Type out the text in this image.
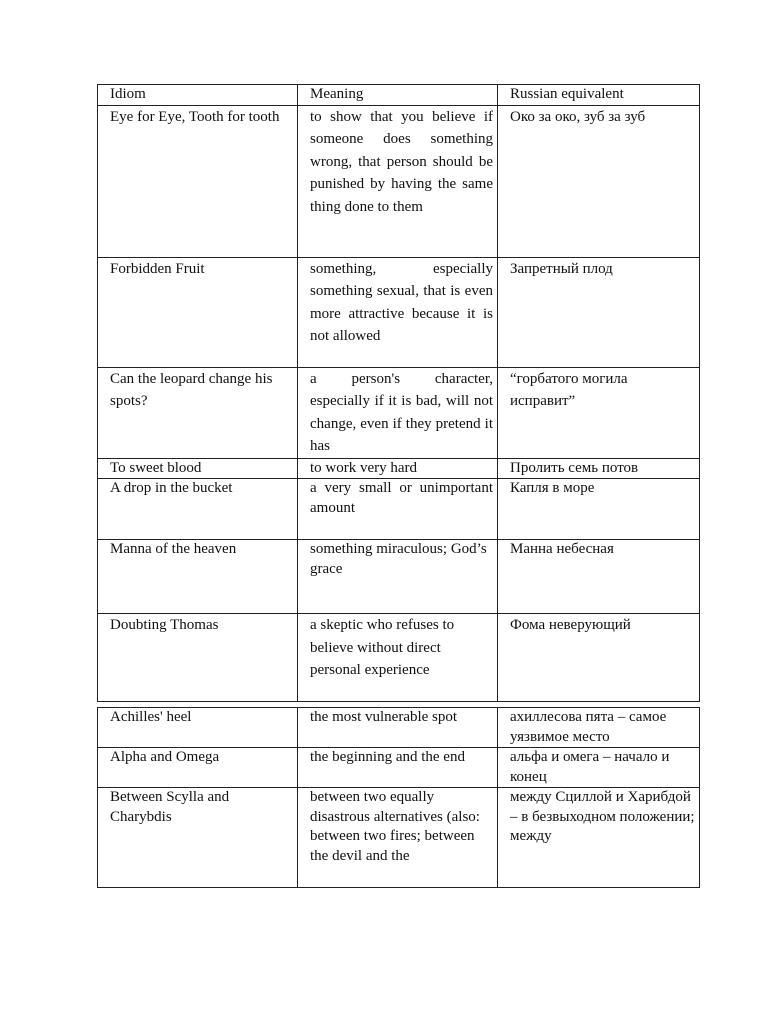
Idiom	Meaning	Russian equivalent
Eye for Eye, Tooth for tooth	to show that you believe if someone does something wrong, that person should be punished by having the same thing done to them	Око за око, зуб за зуб
Forbidden Fruit	something, especially something sexual, that is even more attractive because it is not allowed	Запретный плод
Can the leopard change his spots?	a person's character, especially if it is bad, will not change, even if they pretend it has	“горбатого могила исправит”
To sweet blood	to work very hard	Пролить семь потов
A drop in the bucket	a very small or unimportant amount	Капля в море
Manna of the heaven	something miraculous; God’s grace	Манна небесная
Doubting Thomas	a skeptic who refuses to believe without direct personal experience	Фома неверующий
Achilles' heel	the most vulnerable spot	ахиллесова пята – самое уязвимое место
Alpha and Omega	the beginning and the end	альфа и омега – начало и конец
Between Scylla and Charybdis	between two equally disastrous alternatives (also: between two fires; between the devil and the	между Сциллой и Харибдой – в безвыходном положении; между
